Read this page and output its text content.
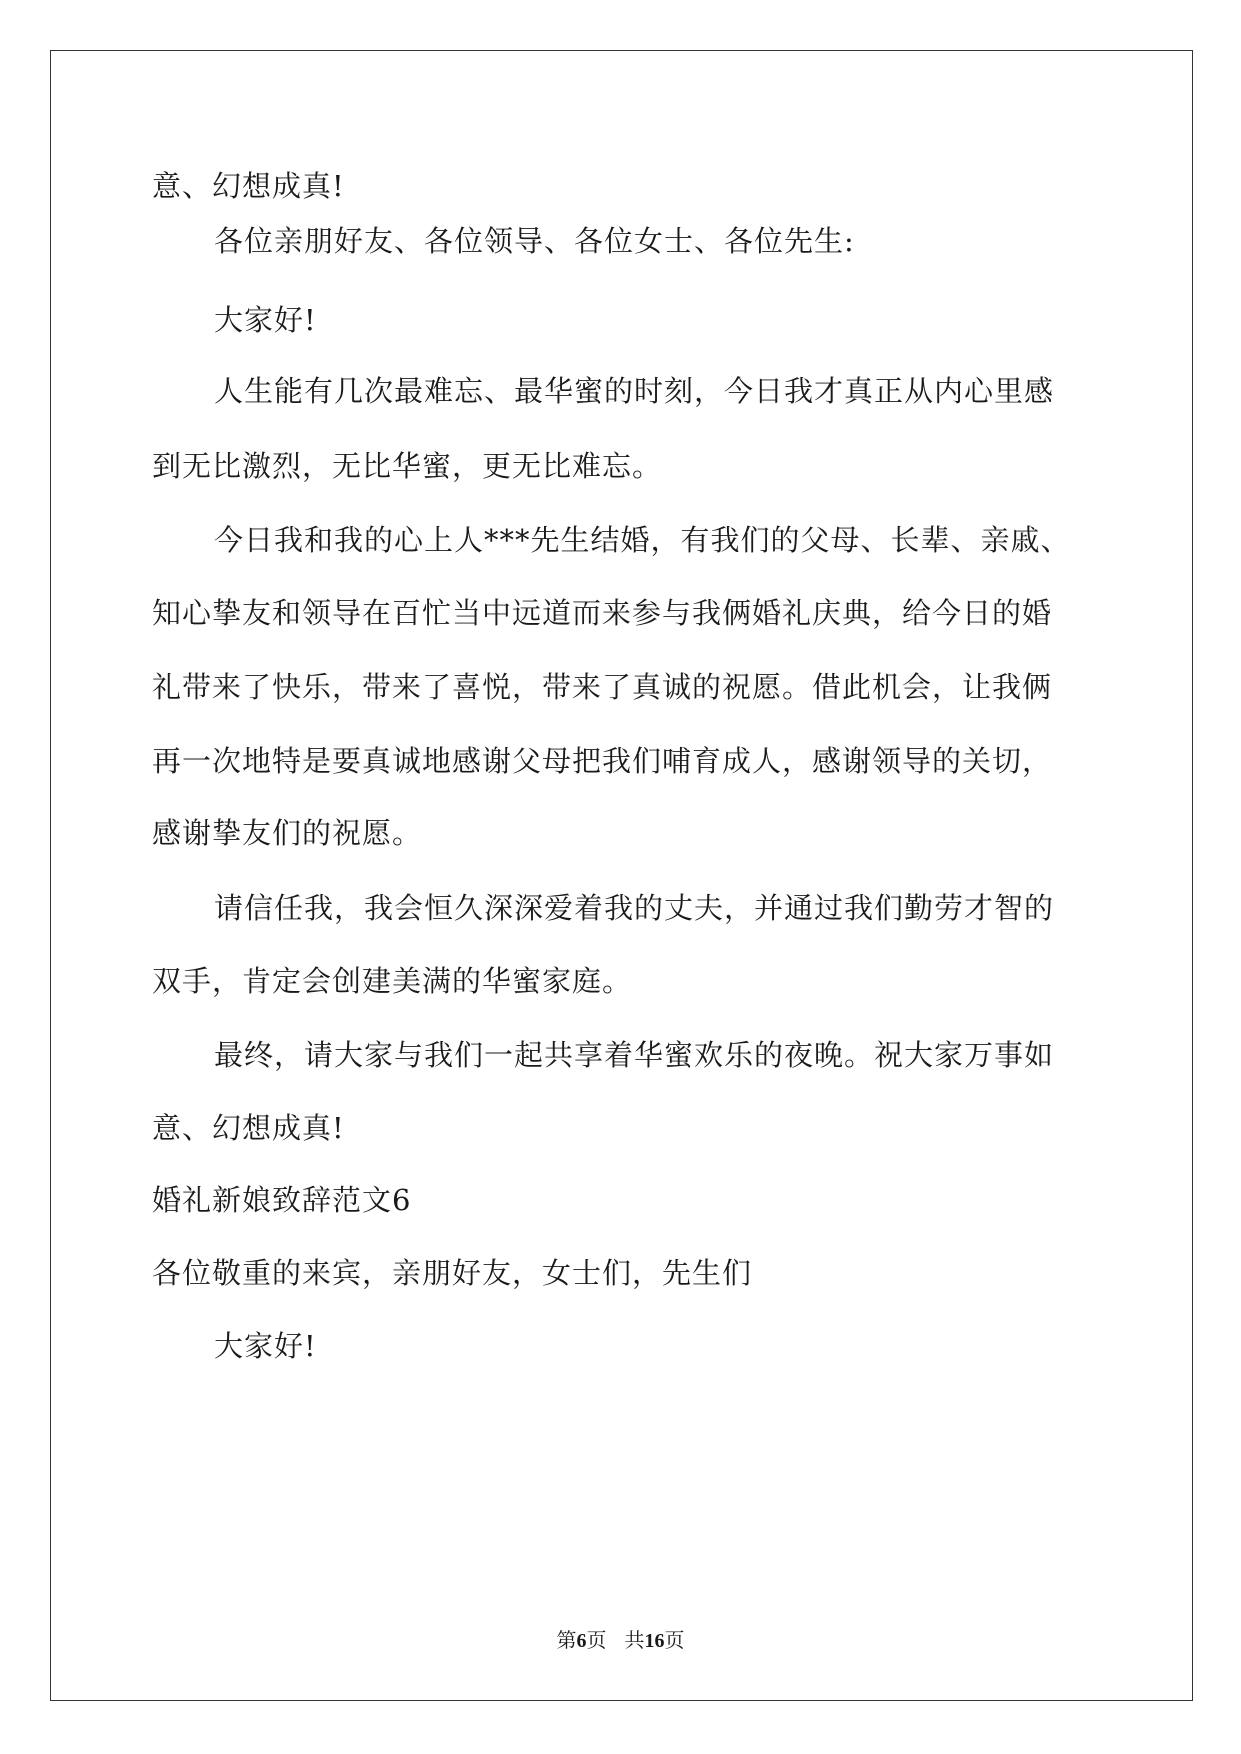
意、幻想成真!
各位亲朋好友、各位领导、各位女士、各位先生:
大家好!
人生能有几次最难忘、最华蜜的时刻，今日我才真正从内心里感
到无比激烈，无比华蜜，更无比难忘。
今日我和我的心上人***先生结婚，有我们的父母、长辈、亲戚、
知心挚友和领导在百忙当中远道而来参与我俩婚礼庆典，给今日的婚
礼带来了快乐，带来了喜悦，带来了真诚的祝愿。借此机会，让我俩
再一次地特是要真诚地感谢父母把我们哺育成人，感谢领导的关切，
感谢挚友们的祝愿。
请信任我，我会恒久深深爱着我的丈夫，并通过我们勤劳才智的
双手，肯定会创建美满的华蜜家庭。
最终，请大家与我们一起共享着华蜜欢乐的夜晚。祝大家万事如
意、幻想成真!
婚礼新娘致辞范文6
各位敬重的来宾，亲朋好友，女士们，先生们
大家好!
第6页 共16页
